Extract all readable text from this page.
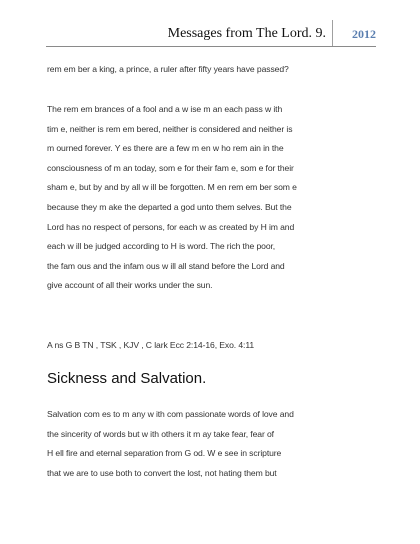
Messages from The Lord. 9. 2012
rem em ber a king, a prince, a ruler after fifty years have passed?
The rem em brances of a fool and a w ise m an each pass w ith
tim e, neither is rem em bered, neither is considered and neither is
m ourned forever. Y es there are a few m en w ho rem ain in the
consciousness of m an today, som e for their fam e, som e for their
sham e, but by and by all w ill be forgotten. M en rem em ber som e
because they m ake the departed a god unto them selves. But the
Lord has no respect of persons, for each w as created by H im and
each w ill be judged according to H is word. The rich the poor,
the fam ous and the infam ous w ill all stand before the Lord and
give account of all their works under the sun.
A ns G B TN , TSK , KJV , C lark Ecc 2:14-16, Exo. 4:11
Sickness and Salvation.
Salvation com es to m any w ith com passionate words of love and
the sincerity of words but w ith others it m ay take fear, fear of
H ell fire and eternal separation from G od. W e see in scripture
that we are to use both to convert the lost, not hating them but
